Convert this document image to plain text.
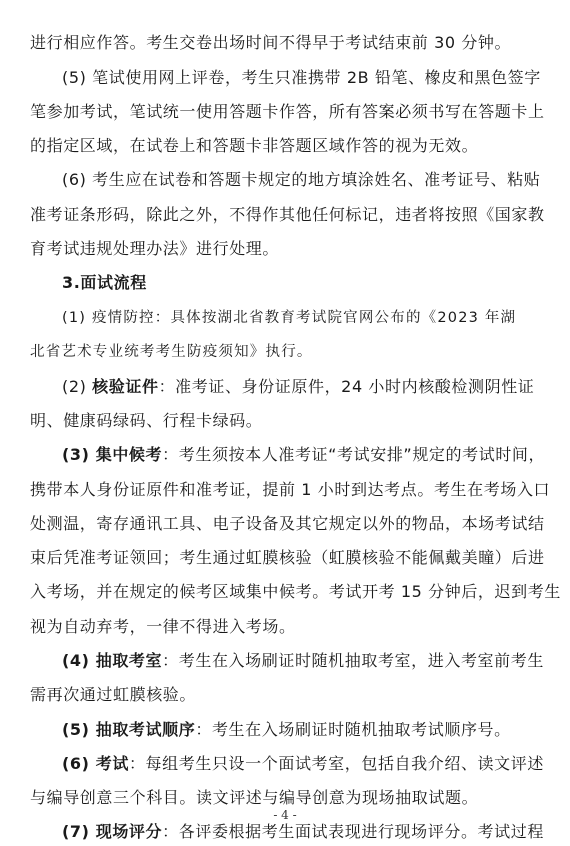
进行相应作答。考生交卷出场时间不得早于考试结束前 30 分钟。
(5) 笔试使用网上评卷，考生只准携带 2B 铅笔、橡皮和黑色签字
笔参加考试，笔试统一使用答题卡作答，所有答案必须书写在答题卡上
的指定区域，在试卷上和答题卡非答题区域作答的视为无效。
(6) 考生应在试卷和答题卡规定的地方填涂姓名、准考证号、粘贴
准考证条形码，除此之外，不得作其他任何标记，违者将按照《国家教
育考试违规处理办法》进行处理。
3.面试流程
(1) 疫情防控：具体按湖北省教育考试院官网公布的《2023 年湖
北省艺术专业统考考生防疫须知》执行。
(2) 核验证件：准考证、身份证原件，24 小时内核酸检测阴性证
明、健康码绿码、行程卡绿码。
(3) 集中候考：考生须按本人准考证“考试安排”规定的考试时间，
携带本人身份证原件和准考证，提前 1 小时到达考点。考生在考场入口
处测温，寄存通讯工具、电子设备及其它规定以外的物品，本场考试结
束后凭准考证领回；考生通过虹膜核验（虹膜核验不能佩戴美瞳）后进
入考场，并在规定的候考区域集中候考。考试开考 15 分钟后，迟到考生
视为自动弃考，一律不得进入考场。
(4) 抽取考室：考生在入场刷证时随机抽取考室，进入考室前考生
需再次通过虹膜核验。
(5) 抽取考试顺序：考生在入场刷证时随机抽取考试顺序号。
(6) 考试：每组考生只设一个面试考室，包括自我介绍、读文评述
与编导创意三个科目。读文评述与编导创意为现场抽取试题。
(7) 现场评分：各评委根据考生面试表现进行现场评分。考试过程
- 4 -
